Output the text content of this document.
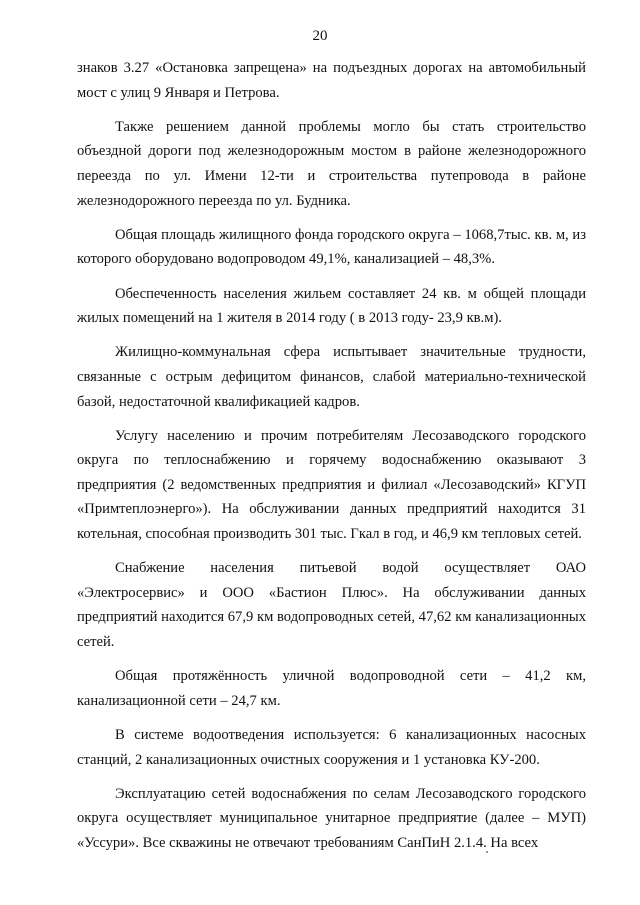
20

знаков 3.27 «Остановка запрещена» на подъездных дорогах на автомобильный мост с улиц 9 Января и Петрова.

Также решением данной проблемы могло бы стать строительство объездной дороги под железнодорожным мостом в районе железнодорожного переезда по ул. Имени 12-ти и строительства путепровода в районе железнодорожного переезда по ул. Будника.

Общая площадь жилищного фонда городского округа – 1068,7тыс. кв. м, из которого оборудовано водопроводом 49,1%, канализацией – 48,3%.

Обеспеченность населения жильем составляет 24 кв. м общей площади жилых помещений на 1 жителя в 2014 году ( в 2013 году- 23,9 кв.м).

Жилищно-коммунальная сфера испытывает значительные трудности, связанные с острым дефицитом финансов, слабой материально-технической базой, недостаточной квалификацией кадров.

Услугу населению и прочим потребителям Лесозаводского городского округа по теплоснабжению и горячему водоснабжению оказывают 3 предприятия (2 ведомственных предприятия и филиал «Лесозаводский» КГУП «Примтеплоэнерго»). На обслуживании данных предприятий находится 31 котельная, способная производить 301 тыс. Гкал в год, и 46,9 км тепловых сетей.

Снабжение населения питьевой водой осуществляет ОАО «Электросервис» и ООО «Бастион Плюс». На обслуживании данных предприятий находится 67,9 км водопроводных сетей, 47,62 км канализационных сетей.

Общая протяжённость уличной водопроводной сети – 41,2 км, канализационной сети – 24,7 км.

В системе водоотведения используется: 6 канализационных насосных станций, 2 канализационных очистных сооружения и 1 установка КУ-200.

Эксплуатацию сетей водоснабжения по селам Лесозаводского городского округа осуществляет муниципальное унитарное предприятие (далее – МУП) «Уссури». Все скважины не отвечают требованиям СанПиН 2.1.4. На всех
